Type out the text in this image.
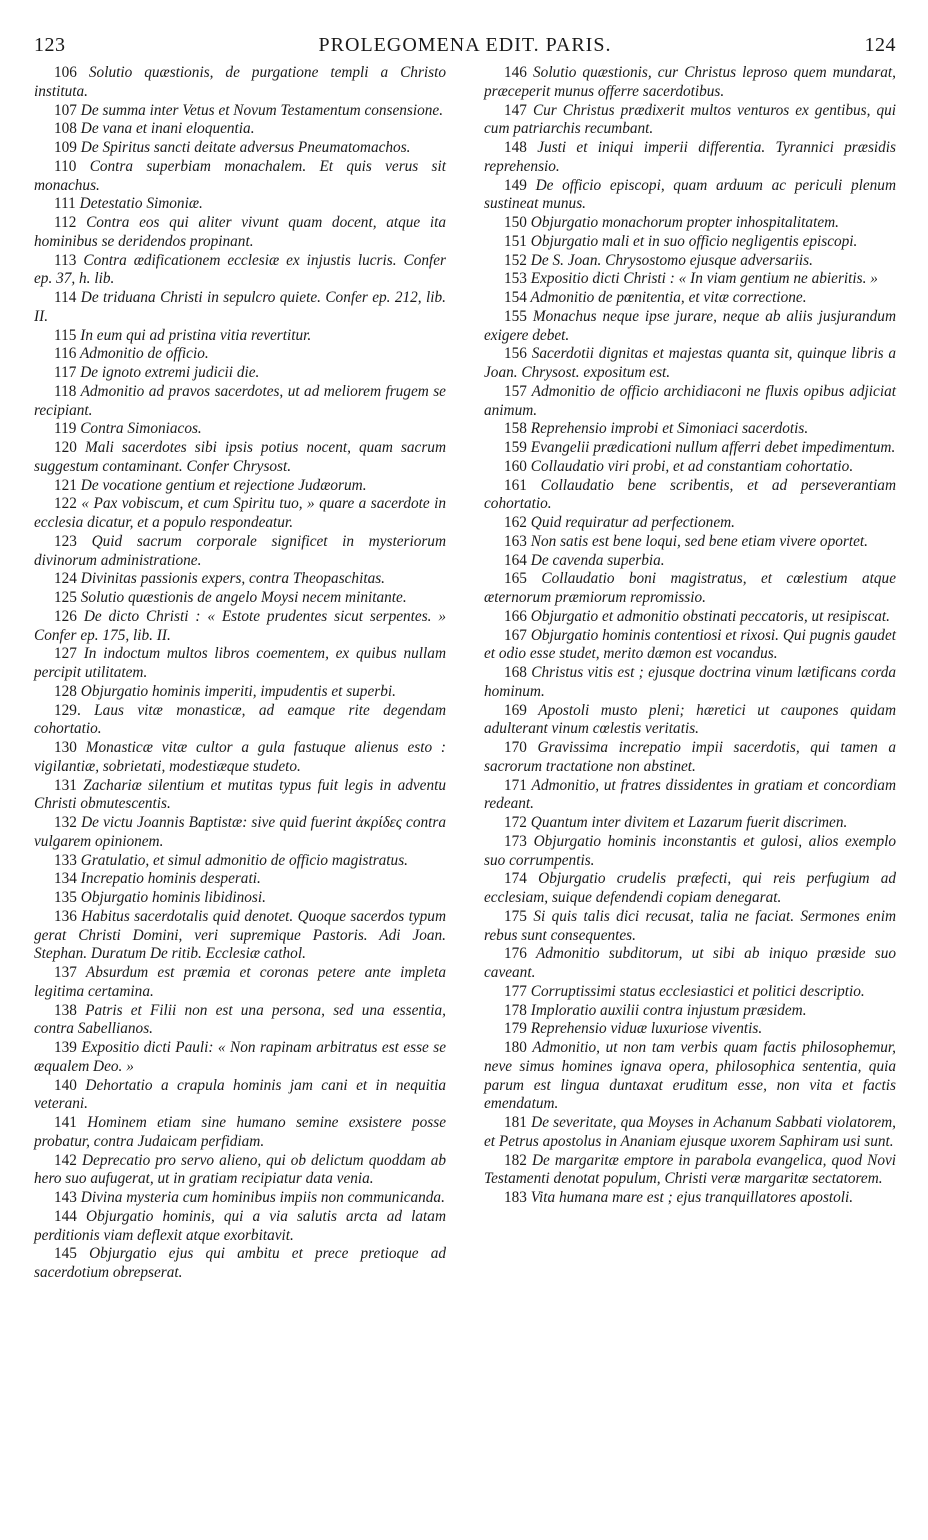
123	PROLEGOMENA EDIT. PARIS.	124

106 Solutio quæstionis, de purgatione templi a Christo instituta.

107 De summa inter Vetus et Novum Testamentum consensione.

108 De vana et inani eloquentia.

109 De Spiritus sancti deitate adversus Pneumatomachos.

110 Contra superbiam monachalem. Et quis verus sit monachus.

111 Detestatio Simoniæ.

112 Contra eos qui aliter vivunt quam docent, atque ita hominibus se deridendos propinant.

113 Contra ædificationem ecclesiæ ex injustis lucris. Confer ep. 37, h. lib.

114 De triduana Christi in sepulcro quiete. Confer ep. 212, lib. II.

115 In eum qui ad pristina vitia revertitur.

116 Admonitio de officio.

117 De ignoto extremi judicii die.

118 Admonitio ad pravos sacerdotes, ut ad meliorem frugem se recipiant.

119 Contra Simoniacos.

120 Mali sacerdotes sibi ipsis potius nocent, quam sacrum suggestum contaminant. Confer Chrysost.

121 De vocatione gentium et rejectione Judæorum.

122 « Pax vobiscum, et cum Spiritu tuo, » quare a sacerdote in ecclesia dicatur, et a populo respondeatur.

123 Quid sacrum corporale significet in mysteriorum divinorum administratione.

124 Divinitas passionis expers, contra Theopaschitas.

125 Solutio quæstionis de angelo Moysi necem minitante.

126 De dicto Christi : « Estote prudentes sicut serpentes. » Confer ep. 175, lib. II.

127 In indoctum multos libros coementem, ex quibus nullam percipit utilitatem.

128 Objurgatio hominis imperiti, impudentis et superbi.

129. Laus vitæ monasticæ, ad eamque rite degendam cohortatio.

130 Monasticæ vitæ cultor a gula fastuque alienus esto : vigilantiæ, sobrietati, modestiæque studeto.

131 Zachariæ silentium et mutitas typus fuit legis in adventu Christi obmutescentis.

132 De victu Joannis Baptistæ: sive quid fuerint ἀκρίδες contra vulgarem opinionem.

133 Gratulatio, et simul admonitio de officio magistratus.

134 Increpatio hominis desperati.

135 Objurgatio hominis libidinosi.

136 Habitus sacerdotalis quid denotet. Quoque sacerdos typum gerat Christi Domini, veri supremique Pastoris. Adi Joan. Stephan. Duratum De ritib. Ecclesiæ cathol.

137 Absurdum est præmia et coronas petere ante impleta legitima certamina.

138 Patris et Filii non est una persona, sed una essentia, contra Sabellianos.

139 Expositio dicti Pauli: « Non rapinam arbitratus est esse se æqualem Deo. »

140 Dehortatio a crapula hominis jam cani et in nequitia veterani.

141 Hominem etiam sine humano semine exsistere posse probatur, contra Judaicam perfidiam.

142 Deprecatio pro servo alieno, qui ob delictum quoddam ab hero suo aufugerat, ut in gratiam recipiatur data venia.

143 Divina mysteria cum hominibus impiis non communicanda.

144 Objurgatio hominis, qui a via salutis arcta ad latam perditionis viam deflexit atque exorbitavit.

145 Objurgatio ejus qui ambitu et prece pretioque ad sacerdotium obrepserat.

146 Solutio quæstionis, cur Christus leproso quem mundarat, præceperit munus offerre sacerdotibus.

147 Cur Christus prædixerit multos venturos ex gentibus, qui cum patriarchis recumbant.

148 Justi et iniqui imperii differentia. Tyrannici præsidis reprehensio.

149 De officio episcopi, quam arduum ac periculi plenum sustineat munus.

150 Objurgatio monachorum propter inhospitalitatem.

151 Objurgatio mali et in suo officio negligentis episcopi.

152 De S. Joan. Chrysostomo ejusque adversariis.

153 Expositio dicti Christi : « In viam gentium ne abieritis. »

154 Admonitio de pœnitentia, et vitæ correctione.

155 Monachus neque ipse jurare, neque ab aliis jusjurandum exigere debet.

156 Sacerdotii dignitas et majestas quanta sit, quinque libris a Joan. Chrysost. expositum est.

157 Admonitio de officio archidiaconi ne fluxis opibus adjiciat animum.

158 Reprehensio improbi et Simoniaci sacerdotis.

159 Evangelii prædicationi nullum afferri debet impedimentum.

160 Collaudatio viri probi, et ad constantiam cohortatio.

161 Collaudatio bene scribentis, et ad perseverantiam cohortatio.

162 Quid requiratur ad perfectionem.

163 Non satis est bene loqui, sed bene etiam vivere oportet.

164 De cavenda superbia.

165 Collaudatio boni magistratus, et cœlestium atque æternorum præmiorum repromissio.

166 Objurgatio et admonitio obstinati peccatoris, ut resipiscat.

167 Objurgatio hominis contentiosi et rixosi. Qui pugnis gaudet et odio esse studet, merito dæmon est vocandus.

168 Christus vitis est ; ejusque doctrina vinum lætificans corda hominum.

169 Apostoli musto pleni; hæretici ut caupones quidam adulterant vinum cœlestis veritatis.

170 Gravissima increpatio impii sacerdotis, qui tamen a sacrorum tractatione non abstinet.

171 Admonitio, ut fratres dissidentes in gratiam et concordiam redeant.

172 Quantum inter divitem et Lazarum fuerit discrimen.

173 Objurgatio hominis inconstantis et gulosi, alios exemplo suo corrumpentis.

174 Objurgatio crudelis præfecti, qui reis perfugium ad ecclesiam, suique defendendi copiam denegarat.

175 Si quis talis dici recusat, talia ne faciat. Sermones enim rebus sunt consequentes.

176 Admonitio subditorum, ut sibi ab iniquo præside suo caveant.

177 Corruptissimi status ecclesiastici et politici descriptio.

178 Imploratio auxilii contra injustum præsidem.

179 Reprehensio viduæ luxuriose viventis.

180 Admonitio, ut non tam verbis quam factis philosophemur, neve simus homines ignava opera, philosophica sententia, quia parum est lingua duntaxat eruditum esse, non vita et factis emendatum.

181 De severitate, qua Moyses in Achanum Sabbati violatorem, et Petrus apostolus in Ananiam ejusque uxorem Saphiram usi sunt.

182 De margaritæ emptore in parabola evangelica, quod Novi Testamenti denotat populum, Christi veræ margaritæ sectatorem.

183 Vita humana mare est ; ejus tranquillatores apostoli.
